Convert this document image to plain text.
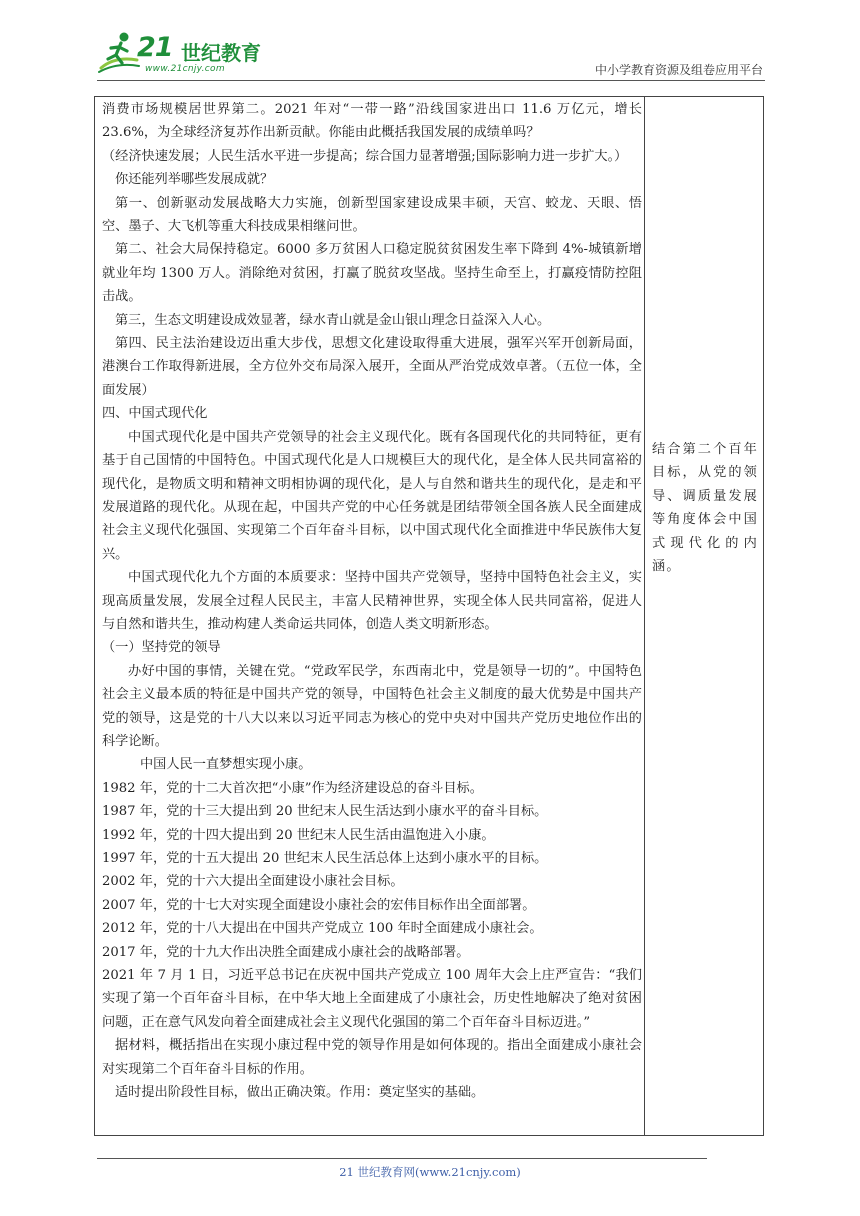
21 世纪教育
www.21cnjy.com	中小学教育资源及组卷应用平台

消费市场规模居世界第二。2021 年对“一带一路”沿线国家进出口 11.6 万亿元，增长 23.6%，为全球经济复苏作出新贡献。你能由此概括我国发展的成绩单吗？

（经济快速发展；人民生活水平进一步提高；综合国力显著增强;国际影响力进一步扩大。）

你还能列举哪些发展成就？

第一、创新驱动发展战略大力实施，创新型国家建设成果丰硕，天宫、蛟龙、天眼、悟空、墨子、大飞机等重大科技成果相继问世。

第二、社会大局保持稳定。6000 多万贫困人口稳定脱贫贫困发生率下降到 4%-城镇新增就业年均 1300 万人。消除绝对贫困，打赢了脱贫攻坚战。坚持生命至上，打赢疫情防控阻击战。

第三，生态文明建设成效显著，绿水青山就是金山银山理念日益深入人心。

第四、民主法治建设迈出重大步伐，思想文化建设取得重大进展，强军兴军开创新局面，港澳台工作取得新进展，全方位外交布局深入展开，全面从严治党成效卓著。（五位一体，全面发展）

四、中国式现代化

中国式现代化是中国共产党领导的社会主义现代化。既有各国现代化的共同特征，更有基于自己国情的中国特色。中国式现代化是人口规模巨大的现代化，是全体人民共同富裕的现代化，是物质文明和精神文明相协调的现代化，是人与自然和谐共生的现代化，是走和平发展道路的现代化。从现在起，中国共产党的中心任务就是团结带领全国各族人民全面建成社会主义现代化强国、实现第二个百年奋斗目标，以中国式现代化全面推进中华民族伟大复兴。

中国式现代化九个方面的本质要求：坚持中国共产党领导，坚持中国特色社会主义，实现高质量发展，发展全过程人民民主，丰富人民精神世界，实现全体人民共同富裕，促进人与自然和谐共生，推动构建人类命运共同体，创造人类文明新形态。

（一）坚持党的领导

办好中国的事情，关键在党。“党政军民学，东西南北中，党是领导一切的”。中国特色社会主义最本质的特征是中国共产党的领导，中国特色社会主义制度的最大优势是中国共产党的领导，这是党的十八大以来以习近平同志为核心的党中央对中国共产党历史地位作出的科学论断。

中国人民一直梦想实现小康。

1982 年，党的十二大首次把“小康”作为经济建设总的奋斗目标。

1987 年，党的十三大提出到 20 世纪末人民生活达到小康水平的奋斗目标。

1992 年，党的十四大提出到 20 世纪末人民生活由温饱进入小康。

1997 年，党的十五大提出 20 世纪末人民生活总体上达到小康水平的目标。

2002 年，党的十六大提出全面建设小康社会目标。

2007 年，党的十七大对实现全面建设小康社会的宏伟目标作出全面部署。

2012 年，党的十八大提出在中国共产党成立 100 年时全面建成小康社会。

2017 年，党的十九大作出决胜全面建成小康社会的战略部署。

2021 年 7 月 1 日，习近平总书记在庆祝中国共产党成立 100 周年大会上庄严宣告：“我们实现了第一个百年奋斗目标，在中华大地上全面建成了小康社会，历史性地解决了绝对贫困问题，正在意气风发向着全面建成社会主义现代化强国的第二个百年奋斗目标迈进。”

据材料，概括指出在实现小康过程中党的领导作用是如何体现的。指出全面建成小康社会对实现第二个百年奋斗目标的作用。

适时提出阶段性目标，做出正确决策。作用：奠定坚实的基础。

结合第二个百年目标，从党的领导、调质量发展等角度体会中国式现代化的内涵。

21 世纪教育网(www.21cnjy.com)
